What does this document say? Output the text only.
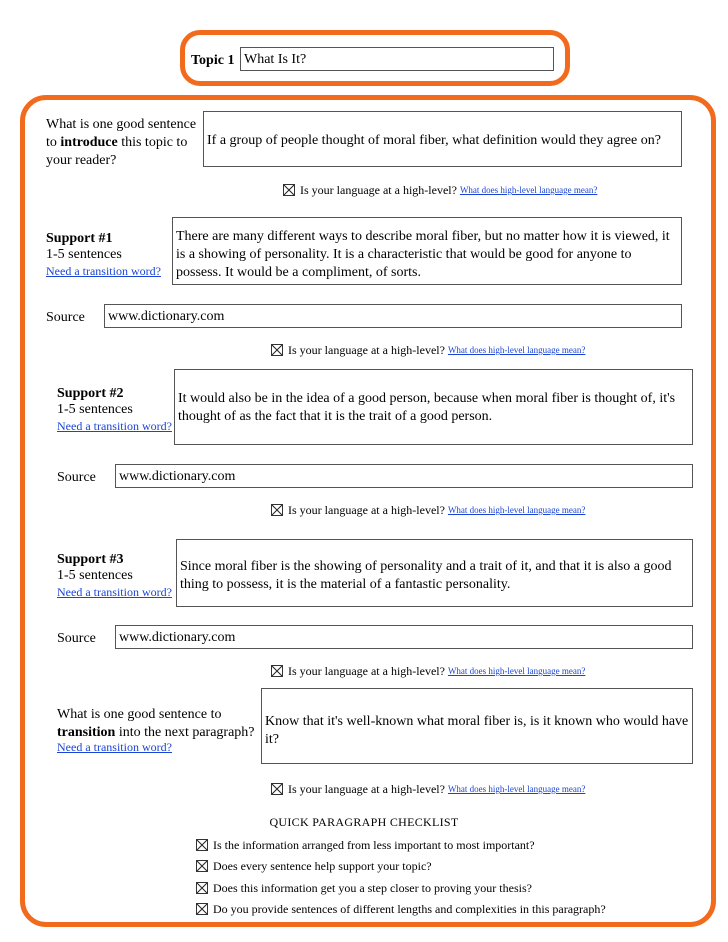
Topic 1 What Is It?
What is one good sentence to introduce this topic to your reader?
If a group of people thought of moral fiber, what definition would they agree on?
Is your language at a high-level? What does high-level language mean?
Support #1
1-5 sentences
Need a transition word?
There are many different ways to describe moral fiber, but no matter how it is viewed, it is a showing of personality. It is a characteristic that would be good for anyone to possess. It would be a compliment, of sorts.
Source www.dictionary.com
Is your language at a high-level? What does high-level language mean?
Support #2
1-5 sentences
Need a transition word?
It would also be in the idea of a good person, because when moral fiber is thought of, it's thought of as the fact that it is the trait of a good person.
Source www.dictionary.com
Is your language at a high-level? What does high-level language mean?
Support #3
1-5 sentences
Need a transition word?
Since moral fiber is the showing of personality and a trait of it, and that it is also a good thing to possess, it is the material of a fantastic personality.
Source www.dictionary.com
Is your language at a high-level? What does high-level language mean?
What is one good sentence to transition into the next paragraph?
Need a transition word?
Know that it's well-known what moral fiber is, is it known who would have it?
Is your language at a high-level? What does high-level language mean?
QUICK PARAGRAPH CHECKLIST
Is the information arranged from less important to most important?
Does every sentence help support your topic?
Does this information get you a step closer to proving your thesis?
Do you provide sentences of different lengths and complexities in this paragraph?
